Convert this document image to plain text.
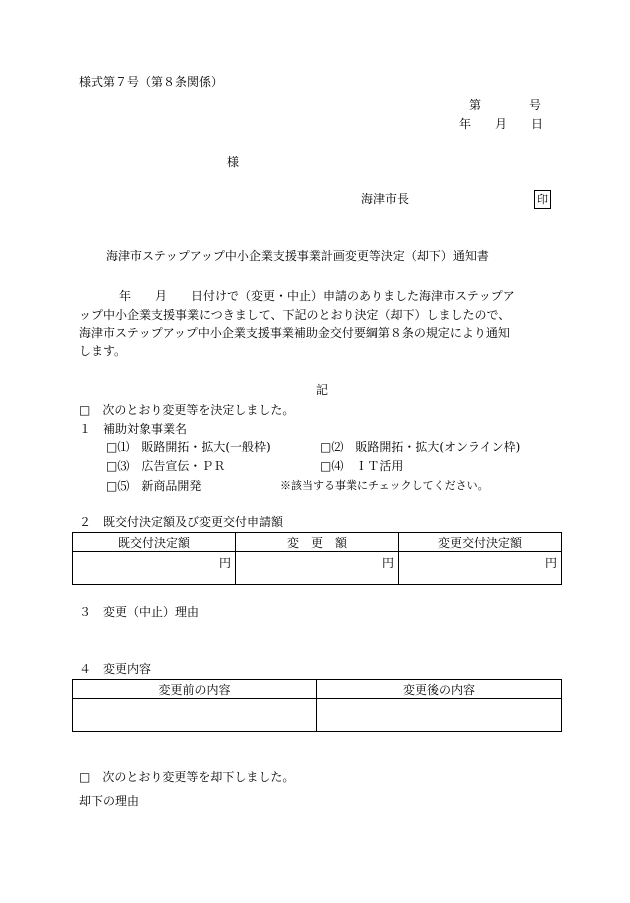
様式第７号（第８条関係）
第　　　　号
年　　月　　日
様
海津市長	印
海津市ステップアップ中小企業支援事業計画変更等決定（却下）通知書
　　年　　月　　日付けで（変更・中止）申請のありました海津市ステップア
ップ中小企業支援事業につきまして、下記のとおり決定（却下）しましたので、
海津市ステップアップ中小企業支援事業補助金交付要綱第８条の規定により通知
します。
記
□　次のとおり変更等を決定しました。
１　補助対象事業名
□⑴　販路開拓・拡大(一般枠)	□⑵　販路開拓・拡大(オンライン枠)
□⑶　広告宣伝・ＰＲ	□⑷　ＩＴ活用
□⑸　新商品開発	※該当する事業にチェックしてください。
２　既交付決定額及び変更交付申請額
既交付決定額	変　更　額	変更交付決定額
円	円	円
３　変更（中止）理由
４　変更内容
変更前の内容	変更後の内容

□　次のとおり変更等を却下しました。
却下の理由
